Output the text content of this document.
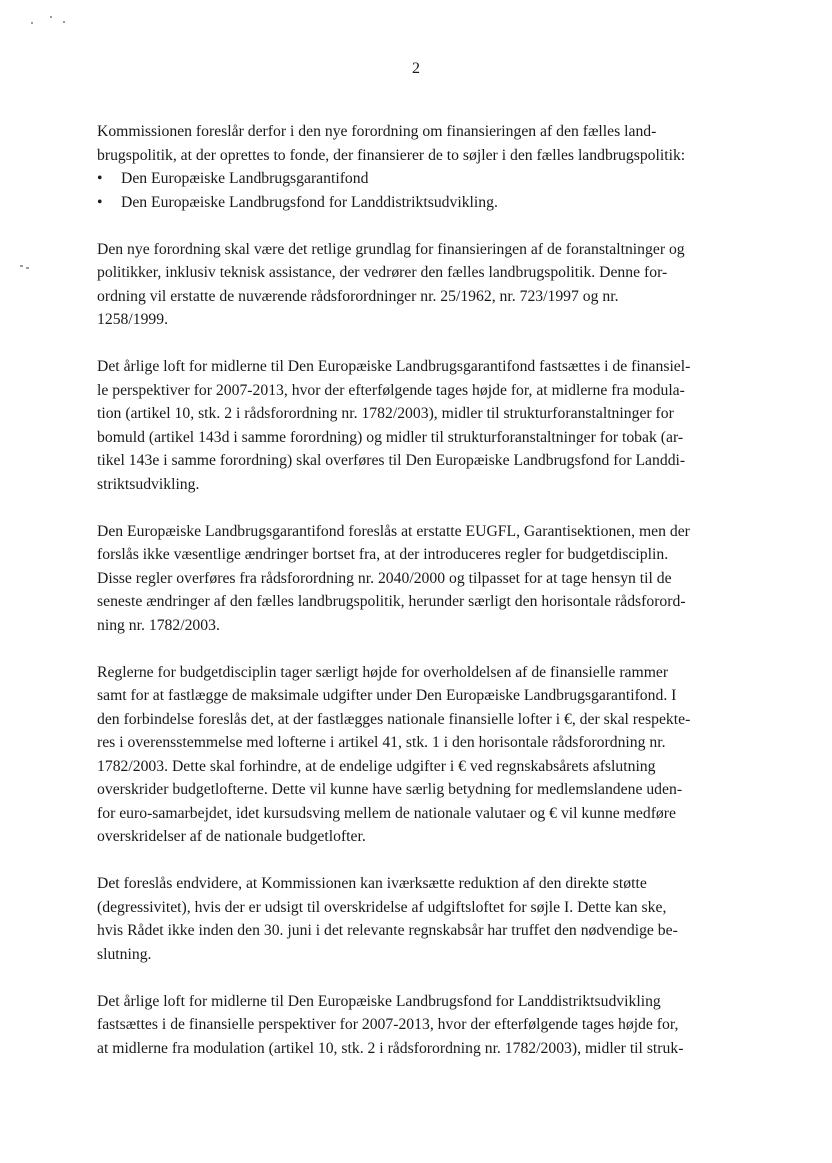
2
Kommissionen foreslår derfor i den nye forordning om finansieringen af den fælles land-
brugspolitik, at der oprettes to fonde, der finansierer de to søjler i den fælles landbrugspolitik:
• Den Europæiske Landbrugsgarantifond
• Den Europæiske Landbrugsfond for Landdistriktsudvikling.
Den nye forordning skal være det retlige grundlag for finansieringen af de foranstaltninger og
politikker, inklusiv teknisk assistance, der vedrører den fælles landbrugspolitik. Denne for-
ordning vil erstatte de nuværende rådsforordninger nr. 25/1962, nr. 723/1997 og nr.
1258/1999.
Det årlige loft for midlerne til Den Europæiske Landbrugsgarantifond fastsættes i de finansiel-
le perspektiver for 2007-2013, hvor der efterfølgende tages højde for, at midlerne fra modula-
tion (artikel 10, stk. 2 i rådsforordning nr. 1782/2003), midler til strukturforanstaltninger for
bomuld (artikel 143d i samme forordning) og midler til strukturforanstaltninger for tobak (ar-
tikel 143e i samme forordning) skal overføres til Den Europæiske Landbrugsfond for Landdi-
striktsudvikling.
Den Europæiske Landbrugsgarantifond foreslås at erstatte EUGFL, Garantisektionen, men der
forslås ikke væsentlige ændringer bortset fra, at der introduceres regler for budgetdisciplin.
Disse regler overføres fra rådsforordning nr. 2040/2000 og tilpasset for at tage hensyn til de
seneste ændringer af den fælles landbrugspolitik, herunder særligt den horisontale rådsforord-
ning nr. 1782/2003.
Reglerne for budgetdisciplin tager særligt højde for overholdelsen af de finansielle rammer
samt for at fastlægge de maksimale udgifter under Den Europæiske Landbrugsgarantifond. I
den forbindelse foreslås det, at der fastlægges nationale finansielle lofter i €, der skal respekte-
res i overensstemmelse med lofterne i artikel 41, stk. 1 i den horisontale rådsforordning nr.
1782/2003. Dette skal forhindre, at de endelige udgifter i € ved regnskabsårets afslutning
overskrider budgetlofterne. Dette vil kunne have særlig betydning for medlemslandene uden-
for euro-samarbejdet, idet kursudsving mellem de nationale valutaer og € vil kunne medføre
overskridelser af de nationale budgetlofter.
Det foreslås endvidere, at Kommissionen kan iværksætte reduktion af den direkte støtte
(degressivitet), hvis der er udsigt til overskridelse af udgiftsloftet for søjle I. Dette kan ske,
hvis Rådet ikke inden den 30. juni i det relevante regnskabsår har truffet den nødvendige be-
slutning.
Det årlige loft for midlerne til Den Europæiske Landbrugsfond for Landdistriktsudvikling
fastsættes i de finansielle perspektiver for 2007-2013, hvor der efterfølgende tages højde for,
at midlerne fra modulation (artikel 10, stk. 2 i rådsforordning nr. 1782/2003), midler til struk-
